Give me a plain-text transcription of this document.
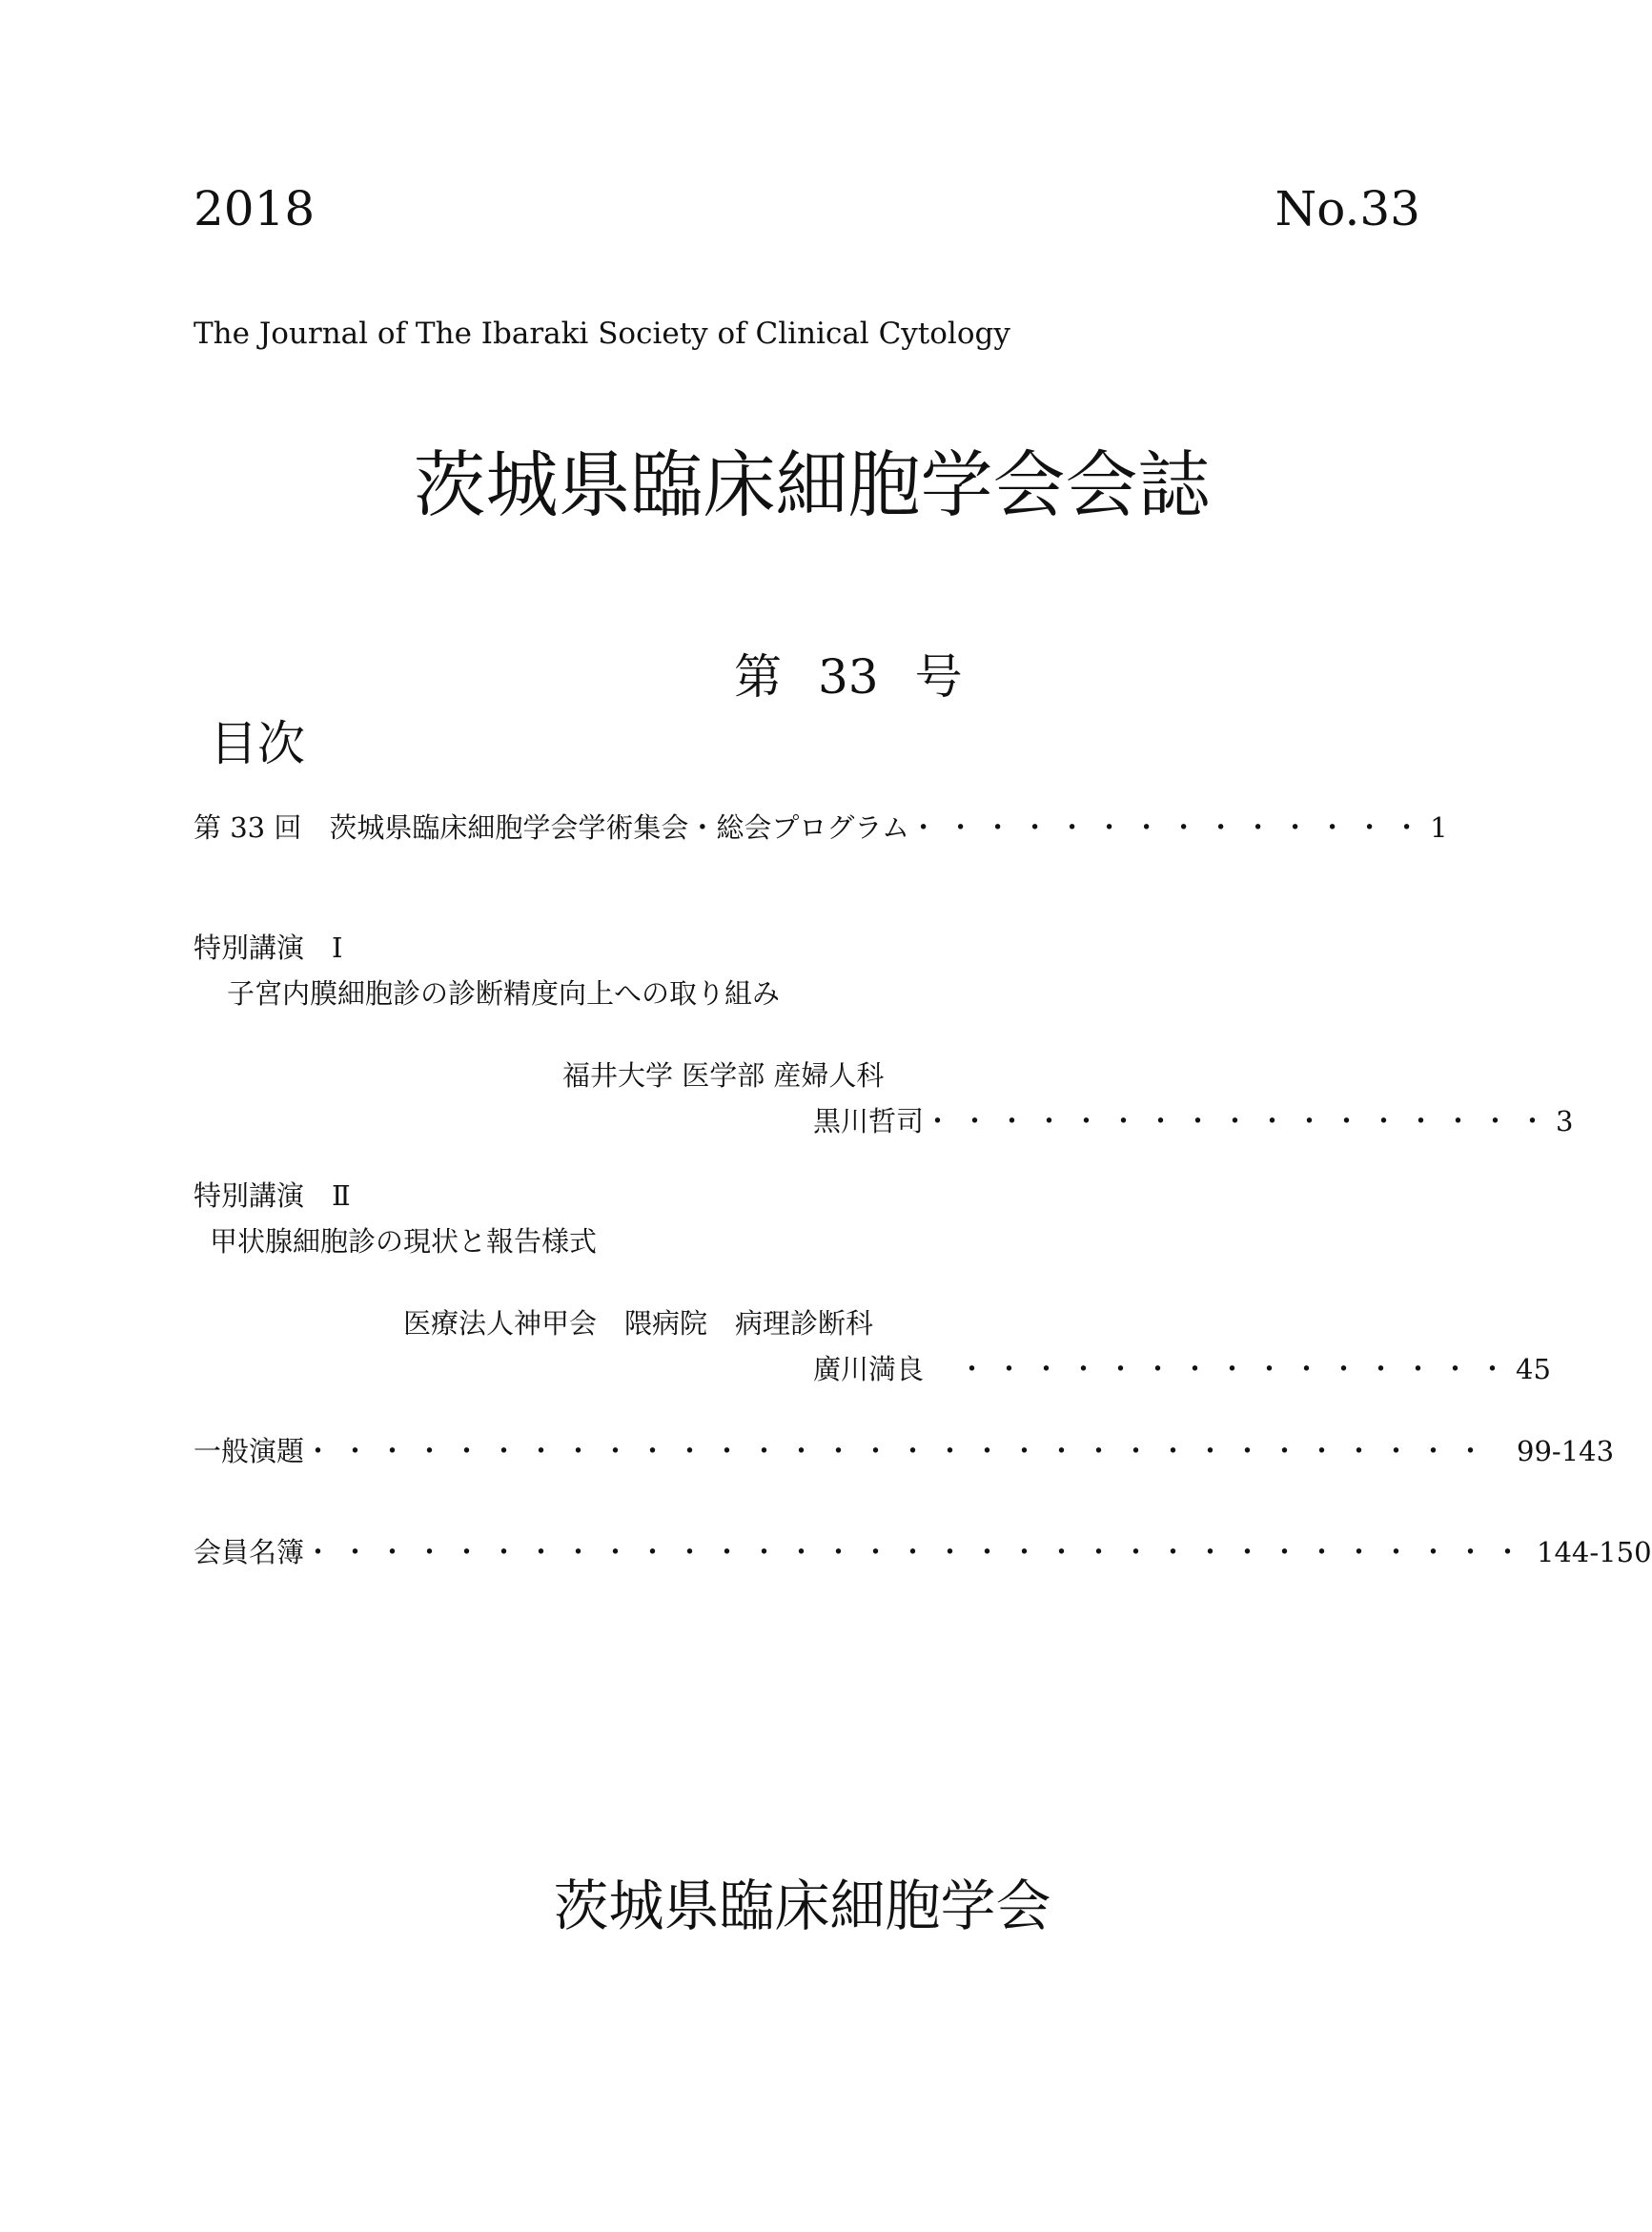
2018	No.33
The Journal of The Ibaraki Society of Clinical Cytology
茨城県臨床細胞学会会誌
第 33 号
目次
第 33 回　茨城県臨床細胞学会学術集会・総会プログラム・・・・・・・・・・・・・・1
特別講演　Ⅰ
子宮内膜細胞診の診断精度向上への取り組み
福井大学 医学部 産婦人科
黒川哲司・・・・・・・・・・・・・・・・・3
特別講演　Ⅱ
甲状腺細胞診の現状と報告様式
医療法人神甲会　隈病院　病理診断科
廣川満良 ・・・・・・・・・・・・・・・45
一般演題・・・・・・・・・・・・・・・・・・・・・・・・・・・・・・・・ 99-143
会員名簿・・・・・・・・・・・・・・・・・・・・・・・・・・・・・・・・・ 144-150
茨城県臨床細胞学会
